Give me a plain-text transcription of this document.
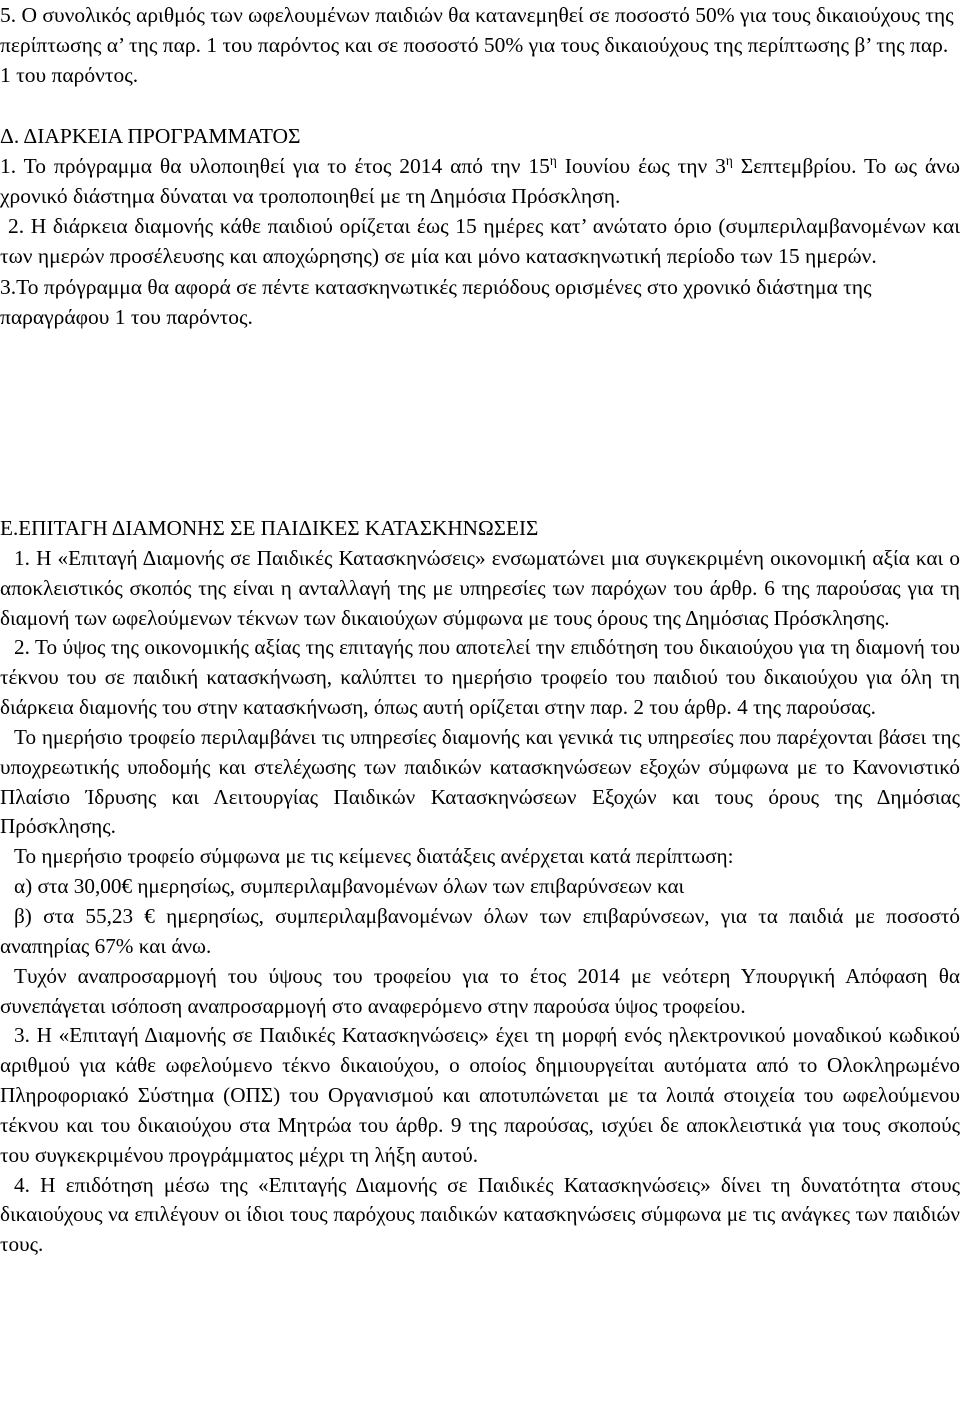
5. Ο συνολικός αριθμός των ωφελουμένων παιδιών θα κατανεμηθεί σε ποσοστό 50% για τους δικαιούχους της περίπτωσης α’ της παρ. 1 του παρόντος και σε ποσοστό 50% για τους δικαιούχους της περίπτωσης β’ της παρ. 1 του παρόντος.

Δ. ΔΙΑΡΚΕΙΑ ΠΡΟΓΡΑΜΜΑΤΟΣ

1. Το πρόγραμμα θα υλοποιηθεί για το έτος 2014 από την $15^\eta$ Ιουνίου έως την $3^\eta$ Σεπτεμβρίου. Το ως άνω χρονικό διάστημα δύναται να τροποποιηθεί με τη Δημόσια Πρόσκληση.

2. Η διάρκεια διαμονής κάθε παιδιού ορίζεται έως 15 ημέρες κατ’ ανώτατο όριο (συμπεριλαμβανομένων και των ημερών προσέλευσης και αποχώρησης) σε μία και μόνο κατασκηνωτική περίοδο των 15 ημερών.

3.Το πρόγραμμα θα αφορά σε πέντε κατασκηνωτικές περιόδους ορισμένες στο χρονικό διάστημα της παραγράφου 1 του παρόντος.

Ε.ΕΠΙΤΑΓΗ ΔΙΑΜΟΝΗΣ ΣΕ ΠΑΙΔΙΚΕΣ ΚΑΤΑΣΚΗΝΩΣΕΙΣ

1. Η «Επιταγή Διαμονής σε Παιδικές Κατασκηνώσεις» ενσωματώνει μια συγκεκριμένη οικονομική αξία και ο αποκλειστικός σκοπός της είναι η ανταλλαγή της με υπηρεσίες των παρόχων του άρθρ. 6 της παρούσας για τη διαμονή των ωφελούμενων τέκνων των δικαιούχων σύμφωνα με τους όρους της Δημόσιας Πρόσκλησης.

2. Το ύψος της οικονομικής αξίας της επιταγής που αποτελεί την επιδότηση του δικαιούχου για τη διαμονή του τέκνου του σε παιδική κατασκήνωση, καλύπτει το ημερήσιο τροφείο του παιδιού του δικαιούχου για όλη τη διάρκεια διαμονής του στην κατασκήνωση, όπως αυτή ορίζεται στην παρ. 2 του άρθρ. 4 της παρούσας.

Το ημερήσιο τροφείο περιλαμβάνει τις υπηρεσίες διαμονής και γενικά τις υπηρεσίες που παρέχονται βάσει της υποχρεωτικής υποδομής και στελέχωσης των παιδικών κατασκηνώσεων εξοχών σύμφωνα με το Κανονιστικό Πλαίσιο Ίδρυσης και Λειτουργίας Παιδικών Κατασκηνώσεων Εξοχών και τους όρους της Δημόσιας Πρόσκλησης.

Το ημερήσιο τροφείο σύμφωνα με τις κείμενες διατάξεις ανέρχεται κατά περίπτωση:

α) στα 30,00€ ημερησίως, συμπεριλαμβανομένων όλων των επιβαρύνσεων και

β) στα 55,23 € ημερησίως, συμπεριλαμβανομένων όλων των επιβαρύνσεων, για τα παιδιά με ποσοστό αναπηρίας 67% και άνω.

Τυχόν αναπροσαρμογή του ύψους του τροφείου για το έτος 2014 με νεότερη Υπουργική Απόφαση θα συνεπάγεται ισόποση αναπροσαρμογή στο αναφερόμενο στην παρούσα ύψος τροφείου.

3. Η «Επιταγή Διαμονής σε Παιδικές Κατασκηνώσεις» έχει τη μορφή ενός ηλεκτρονικού μοναδικού κωδικού αριθμού για κάθε ωφελούμενο τέκνο δικαιούχου, ο οποίος δημιουργείται αυτόματα από το Ολοκληρωμένο Πληροφοριακό Σύστημα (ΟΠΣ) του Οργανισμού και αποτυπώνεται με τα λοιπά στοιχεία του ωφελούμενου τέκνου και του δικαιούχου στα Μητρώα του άρθρ. 9 της παρούσας, ισχύει δε αποκλειστικά για τους σκοπούς του συγκεκριμένου προγράμματος μέχρι τη λήξη αυτού.

4. Η επιδότηση μέσω της «Επιταγής Διαμονής σε Παιδικές Κατασκηνώσεις» δίνει τη δυνατότητα στους δικαιούχους να επιλέγουν οι ίδιοι τους παρόχους παιδικών κατασκηνώσεις σύμφωνα με τις ανάγκες των παιδιών τους.
